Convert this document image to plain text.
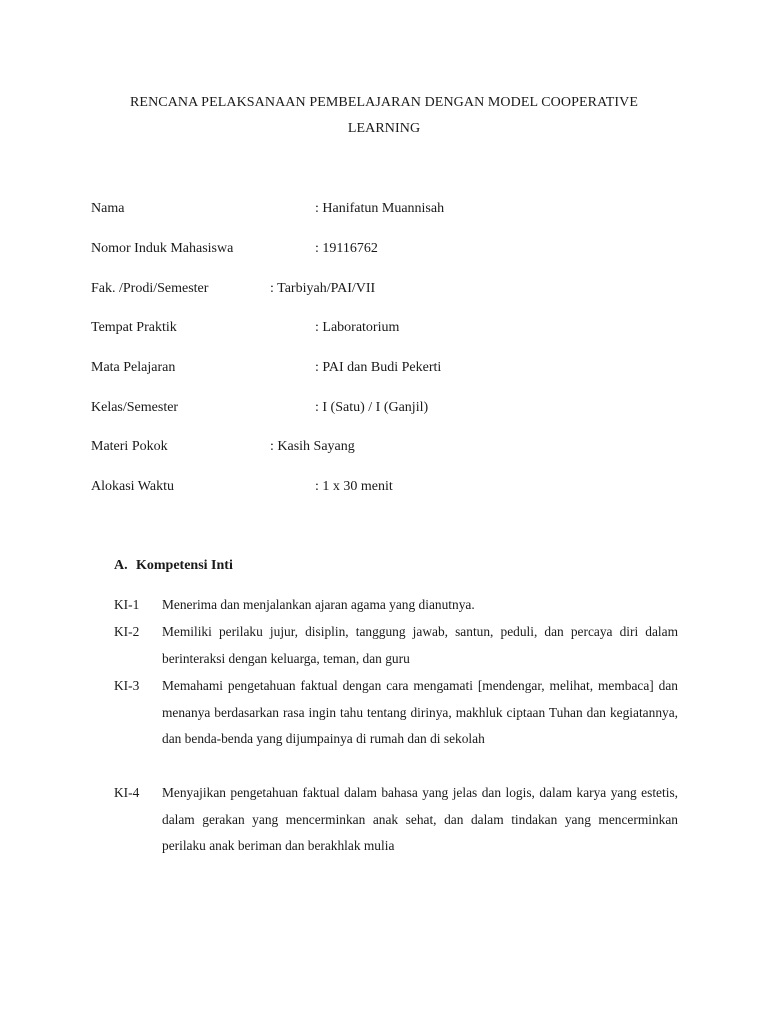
RENCANA PELAKSANAAN PEMBELAJARAN DENGAN MODEL COOPERATIVE
LEARNING
Nama	: Hanifatun Muannisah
Nomor Induk Mahasiswa	: 19116762
Fak. /Prodi/Semester	: Tarbiyah/PAI/VII
Tempat Praktik	: Laboratorium
Mata Pelajaran	: PAI dan Budi Pekerti
Kelas/Semester	: I (Satu) / I (Ganjil)
Materi Pokok	: Kasih Sayang
Alokasi Waktu	: 1 x 30 menit
A. Kompetensi Inti
KI-1 Menerima dan menjalankan ajaran agama yang dianutnya.
KI-2 Memiliki perilaku jujur, disiplin, tanggung jawab, santun, peduli, dan percaya diri dalam berinteraksi dengan keluarga, teman, dan guru
KI-3 Memahami pengetahuan faktual dengan cara mengamati [mendengar, melihat, membaca] dan menanya berdasarkan rasa ingin tahu tentang dirinya, makhluk ciptaan Tuhan dan kegiatannya, dan benda-benda yang dijumpainya di rumah dan di sekolah
KI-4 Menyajikan pengetahuan faktual dalam bahasa yang jelas dan logis, dalam karya yang estetis, dalam gerakan yang mencerminkan anak sehat, dan dalam tindakan yang mencerminkan perilaku anak beriman dan berakhlak mulia
